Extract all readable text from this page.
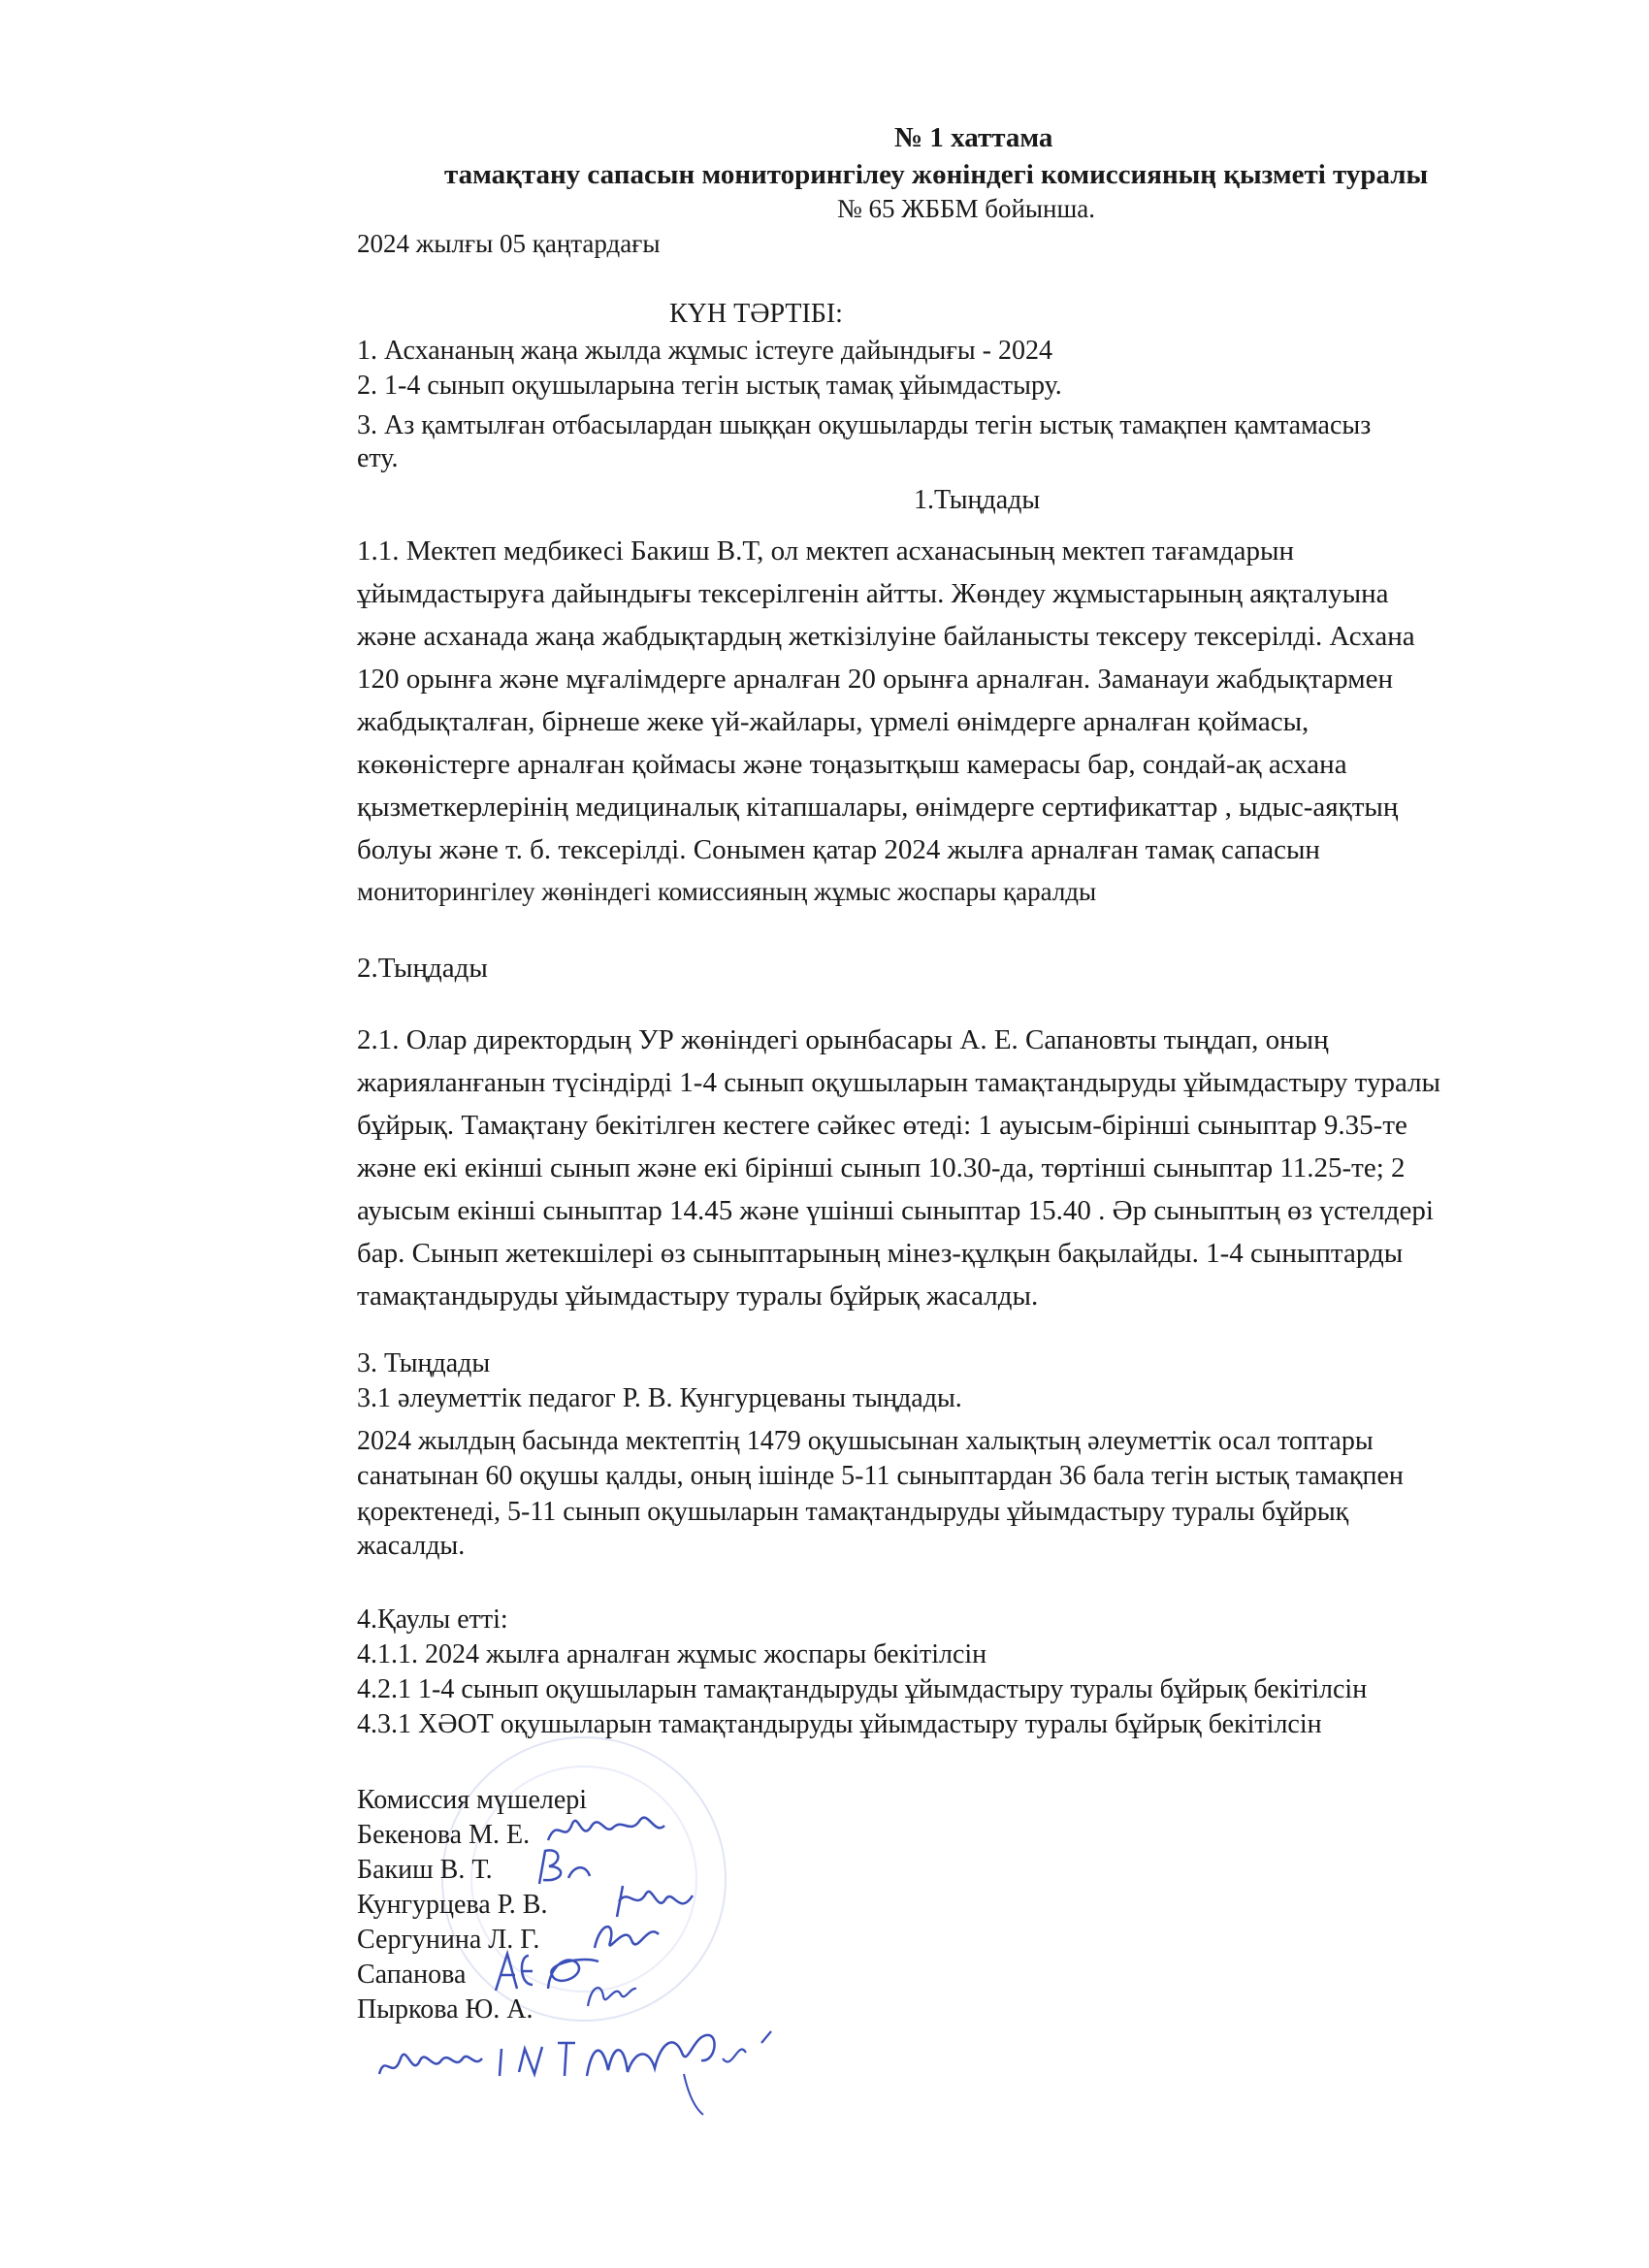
№ 1 хаттама
тамақтану сапасын мониторингілеу жөніндегі комиссияның қызметі туралы
№ 65 ЖББМ бойынша.
2024 жылғы 05 қаңтардағы
КҮН ТӘРТІБІ:
1. Асхананың жаңа жылда жұмыс істеуге дайындығы - 2024
2. 1-4 сынып оқушыларына тегін ыстық тамақ ұйымдастыру.
3. Аз қамтылған отбасылардан шыққан оқушыларды тегін ыстық тамақпен қамтамасыз
ету.
1.Тыңдады
1.1. Мектеп медбикесі Бакиш В.Т, ол мектеп асханасының мектеп тағамдарын
ұйымдастыруға дайындығы тексерілгенін айтты. Жөндеу жұмыстарының аяқталуына
және асханада жаңа жабдықтардың жеткізілуіне байланысты тексеру тексерілді. Асхана
120 орынға және мұғалімдерге арналған 20 орынға арналған. Заманауи жабдықтармен
жабдықталған, бірнеше жеке үй-жайлары, үрмелі өнімдерге арналған қоймасы,
көкөністерге арналған қоймасы және тоңазытқыш камерасы бар, сондай-ақ асхана
қызметкерлерінің медициналық кітапшалары, өнімдерге сертификаттар , ыдыс-аяқтың
болуы және т. б. тексерілді. Сонымен қатар 2024 жылға арналған тамақ сапасын
мониторингілеу жөніндегі комиссияның жұмыс жоспары қаралды
2.Тыңдады
2.1. Олар директордың УР жөніндегі орынбасары А. Е. Сапановты тыңдап, оның
жарияланғанын түсіндірді 1-4 сынып оқушыларын тамақтандыруды ұйымдастыру туралы
бұйрық. Тамақтану бекітілген кестеге сәйкес өтеді: 1 ауысым-бірінші сыныптар 9.35-те
және екі екінші сынып және екі бірінші сынып 10.30-да, төртінші сыныптар 11.25-те; 2
ауысым екінші сыныптар 14.45 және үшінші сыныптар 15.40 . Әр сыныптың өз үстелдері
бар. Сынып жетекшілері өз сыныптарының мінез-құлқын бақылайды. 1-4 сыныптарды
тамақтандыруды ұйымдастыру туралы бұйрық жасалды.
3. Тыңдады
3.1 әлеуметтік педагог Р. В. Кунгурцеваны тыңдады.
2024 жылдың басында мектептің 1479 оқушысынан халықтың әлеуметтік осал топтары
санатынан 60 оқушы қалды, оның ішінде 5-11 сыныптардан 36 бала тегін ыстық тамақпен
қоректенеді, 5-11 сынып оқушыларын тамақтандыруды ұйымдастыру туралы бұйрық
жасалды.
4.Қаулы етті:
4.1.1. 2024 жылға арналған жұмыс жоспары бекітілсін
4.2.1 1-4 сынып оқушыларын тамақтандыруды ұйымдастыру туралы бұйрық бекітілсін
4.3.1 ХӘОТ оқушыларын тамақтандыруды ұйымдастыру туралы бұйрық бекітілсін
Комиссия мүшелері
Бекенова М. Е.
Бакиш В. Т.
Кунгурцева Р. В.
Сергунина Л. Г.
Сапанова
Пыркова Ю. А.
